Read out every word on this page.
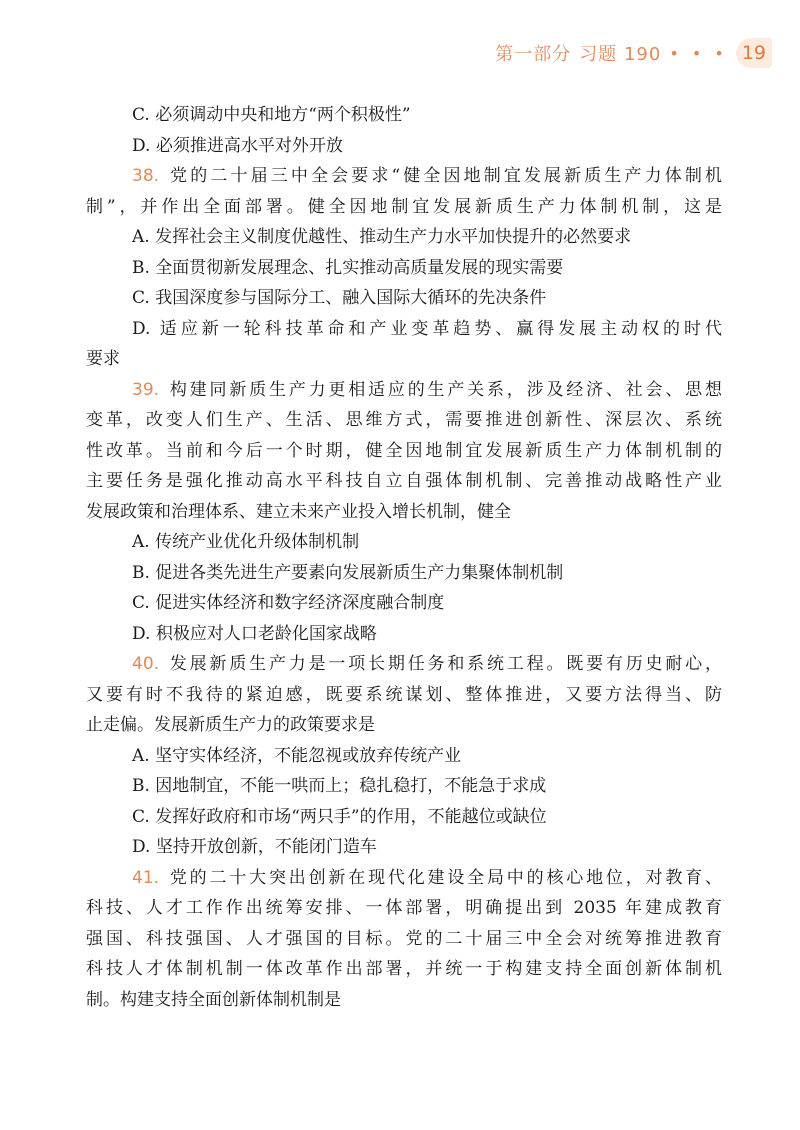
第一部分 习题 190 • • • 19
C. 必须调动中央和地方“两个积极性”
D. 必须推进高水平对外开放
38. 党的二十届三中全会要求“健全因地制宜发展新质生产力体制机
制”，并作出全面部署。健全因地制宜发展新质生产力体制机制，这是
A. 发挥社会主义制度优越性、推动生产力水平加快提升的必然要求
B. 全面贯彻新发展理念、扎实推动高质量发展的现实需要
C. 我国深度参与国际分工、融入国际大循环的先决条件
D. 适应新一轮科技革命和产业变革趋势、赢得发展主动权的时代
要求
39. 构建同新质生产力更相适应的生产关系，涉及经济、社会、思想
变革，改变人们生产、生活、思维方式，需要推进创新性、深层次、系统
性改革。当前和今后一个时期，健全因地制宜发展新质生产力体制机制的
主要任务是强化推动高水平科技自立自强体制机制、完善推动战略性产业
发展政策和治理体系、建立未来产业投入增长机制，健全
A. 传统产业优化升级体制机制
B. 促进各类先进生产要素向发展新质生产力集聚体制机制
C. 促进实体经济和数字经济深度融合制度
D. 积极应对人口老龄化国家战略
40. 发展新质生产力是一项长期任务和系统工程。既要有历史耐心，
又要有时不我待的紧迫感，既要系统谋划、整体推进，又要方法得当、防
止走偏。发展新质生产力的政策要求是
A. 坚守实体经济，不能忽视或放弃传统产业
B. 因地制宜，不能一哄而上；稳扎稳打，不能急于求成
C. 发挥好政府和市场“两只手”的作用，不能越位或缺位
D. 坚持开放创新，不能闭门造车
41. 党的二十大突出创新在现代化建设全局中的核心地位，对教育、
科技、人才工作作出统筹安排、一体部署，明确提出到 2035 年建成教育
强国、科技强国、人才强国的目标。党的二十届三中全会对统筹推进教育
科技人才体制机制一体改革作出部署，并统一于构建支持全面创新体制机
制。构建支持全面创新体制机制是
